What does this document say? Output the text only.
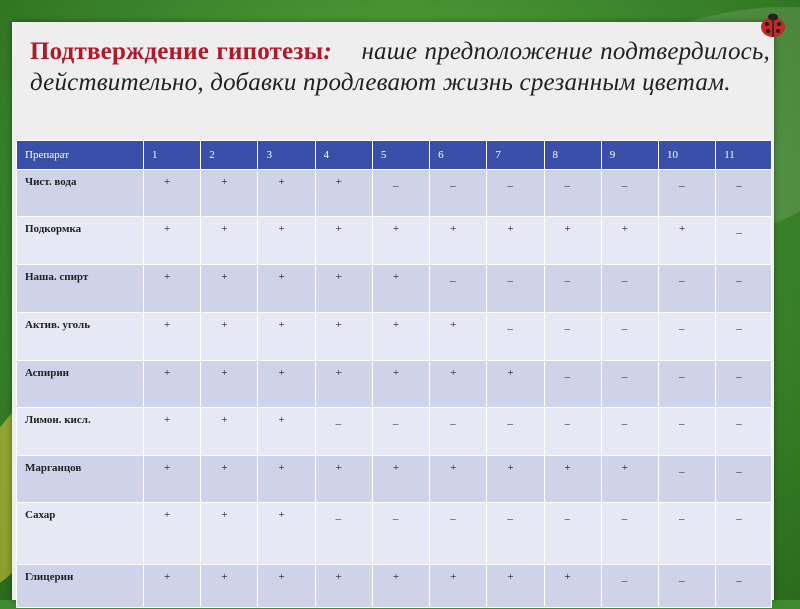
Подтверждение гипотезы: наше предположение подтвердилось, действительно, добавки продлевают жизнь срезанным цветам.
Препарат	1	2	3	4	5	6	7	8	9	10	11
Чист. вода	+	+	+	+	_	_	_	_	_	_	_
Подкормка	+	+	+	+	+	+	+	+	+	+	_
Наша. спирт	+	+	+	+	+	_	_	_	_	_	_
Актив. уголь	+	+	+	+	+	+	_	_	_	_	_
Аспирин	+	+	+	+	+	+	+	_	_	_	_
Лимон. кисл.	+	+	+	_	_	_	_	_	_	_	_
Марганцов	+	+	+	+	+	+	+	+	+	_	_
Сахар	+	+	+	_	_	_	_	_	_	_	_
Глицерин	+	+	+	+	+	+	+	+	_	_	_
